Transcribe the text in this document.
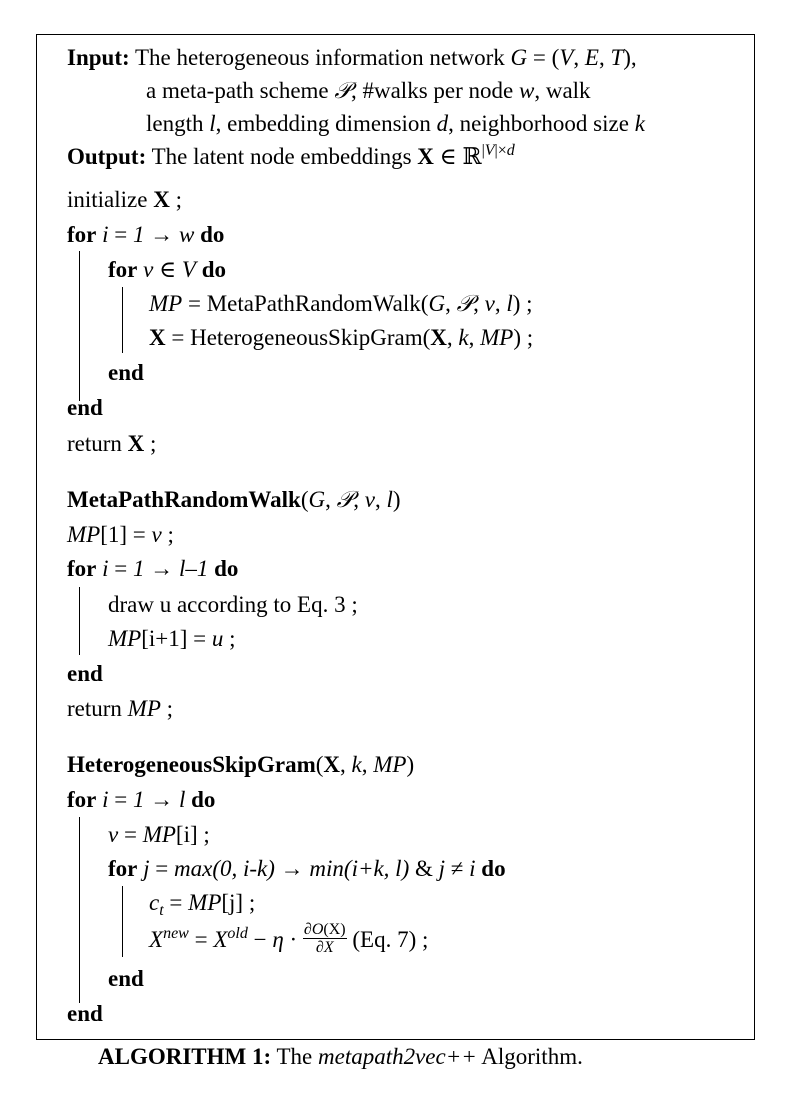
Input: The heterogeneous information network G = (V, E, T),
a meta-path scheme 𝒫, #walks per node w, walk
length l, embedding dimension d, neighborhood size k
Output: The latent node embeddings X ∈ ℝ$^{|V|\times d}$
initialize X ;
for i = 1 → w do
for v ∈ V do
MP = MetaPathRandomWalk(G, 𝒫, v, l) ;
X = HeterogeneousSkipGram(X, k, MP) ;
end
end
return X ;
MetaPathRandomWalk(G, 𝒫, v, l)
MP[1] = v ;
for i = 1 → l–1 do
draw u according to Eq. 3 ;
MP[i+1] = u ;
end
return MP ;
HeterogeneousSkipGram(X, k, MP)
for i = 1 → l do
v = MP[i] ;
for j = max(0, i-k) → min(i+k, l) & j ≠ i do
$c_t = MP[j]$ ;
$X^{new} = X^{old} - \eta \cdot \frac{\partial O(X)}{\partial X} (Eq$. 7) ;
end
end
ALGORITHM 1: The metapath2vec++ Algorithm.
